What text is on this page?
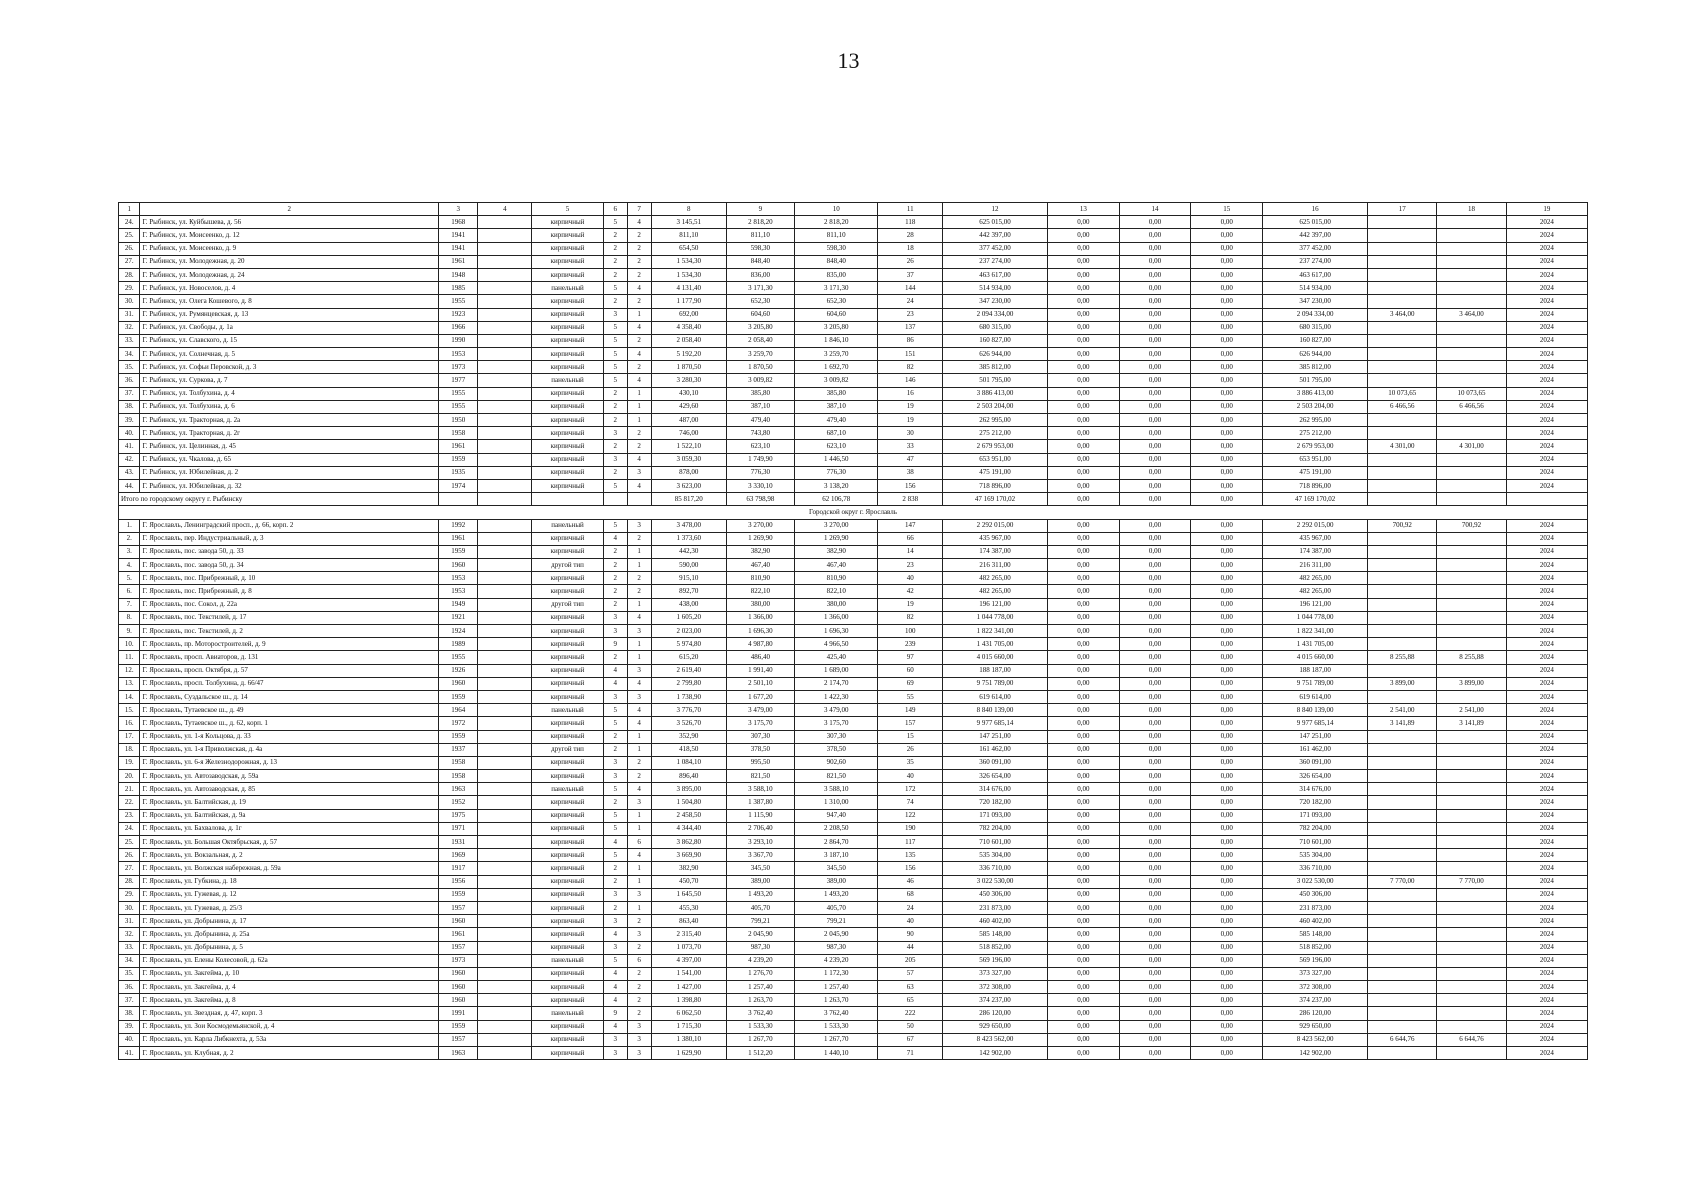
13
1	2	3	4	5	6	7	8	9	10	11	12	13	14	15	16	17	18	19
24.	Г. Рыбинск, ул. Куйбышева, д. 56	1968		кирпичный	5	4	3 145,51	2 818,20	2 818,20	118	625 015,00	0,00	0,00	0,00	625 015,00			2024
25.	Г. Рыбинск, ул. Моисеенко, д. 12	1941		кирпичный	2	2	811,10	811,10	811,10	28	442 397,00	0,00	0,00	0,00	442 397,00			2024
26.	Г. Рыбинск, ул. Моисеенко, д. 9	1941		кирпичный	2	2	654,50	598,30	598,30	18	377 452,00	0,00	0,00	0,00	377 452,00			2024
27.	Г. Рыбинск, ул. Молодежная, д. 20	1961		кирпичный	2	2	1 534,30	848,40	848,40	26	237 274,00	0,00	0,00	0,00	237 274,00			2024
28.	Г. Рыбинск, ул. Молодежная, д. 24	1948		кирпичный	2	2	1 534,30	836,00	835,00	37	463 617,00	0,00	0,00	0,00	463 617,00			2024
29.	Г. Рыбинск, ул. Новоселов, д. 4	1985		панельный	5	4	4 131,40	3 171,30	3 171,30	144	514 934,00	0,00	0,00	0,00	514 934,00			2024
30.	Г. Рыбинск, ул. Олега Кошевого, д. 8	1955		кирпичный	2	2	1 177,90	652,30	652,30	24	347 230,00	0,00	0,00	0,00	347 230,00			2024
31.	Г. Рыбинск, ул. Румянцевская, д. 13	1923		кирпичный	3	1	692,00	604,60	604,60	23	2 094 334,00	0,00	0,00	0,00	2 094 334,00	3 464,00	3 464,00	2024
32.	Г. Рыбинск, ул. Свободы, д. 1а	1966		кирпичный	5	4	4 358,40	3 205,80	3 205,80	137	680 315,00	0,00	0,00	0,00	680 315,00			2024
33.	Г. Рыбинск, ул. Славского, д. 15	1990		кирпичный	5	2	2 058,40	2 058,40	1 846,10	86	160 827,00	0,00	0,00	0,00	160 827,00			2024
34.	Г. Рыбинск, ул. Солнечная, д. 5	1953		кирпичный	5	4	5 192,20	3 259,70	3 259,70	151	626 944,00	0,00	0,00	0,00	626 944,00			2024
35.	Г. Рыбинск, ул. Софьи Перовской, д. 3	1973		кирпичный	5	2	1 870,50	1 870,50	1 692,70	82	385 812,00	0,00	0,00	0,00	385 812,00			2024
36.	Г. Рыбинск, ул. Суркова, д. 7	1977		панельный	5	4	3 280,30	3 009,82	3 009,82	146	501 795,00	0,00	0,00	0,00	501 795,00			2024
37.	Г. Рыбинск, ул. Толбухина, д. 4	1955		кирпичный	2	1	430,10	385,80	385,80	16	3 886 413,00	0,00	0,00	0,00	3 886 413,00	10 073,65	10 073,65	2024
38.	Г. Рыбинск, ул. Толбухина, д. 6	1955		кирпичный	2	1	429,60	387,10	387,10	19	2 503 204,00	0,00	0,00	0,00	2 503 204,00	6 466,56	6 466,56	2024
39.	Г. Рыбинск, ул. Тракторная, д. 2а	1950		кирпичный	2	1	487,00	479,40	479,40	19	262 995,00	0,00	0,00	0,00	262 995,00			2024
40.	Г. Рыбинск, ул. Тракторная, д. 2г	1958		кирпичный	3	2	746,00	743,80	687,10	30	275 212,00	0,00	0,00	0,00	275 212,00			2024
41.	Г. Рыбинск, ул. Целинная, д. 45	1961		кирпичный	2	2	1 522,10	623,10	623,10	33	2 679 953,00	0,00	0,00	0,00	2 679 953,00	4 301,00	4 301,00	2024
42.	Г. Рыбинск, ул. Чкалова, д. 65	1959		кирпичный	3	4	3 059,30	1 749,90	1 446,50	47	653 951,00	0,00	0,00	0,00	653 951,00			2024
43.	Г. Рыбинск, ул. Юбилейная, д. 2	1935		кирпичный	2	3	878,00	776,30	776,30	38	475 191,00	0,00	0,00	0,00	475 191,00			2024
44.	Г. Рыбинск, ул. Юбилейная, д. 32	1974		кирпичный	5	4	3 623,00	3 330,10	3 138,20	156	718 896,00	0,00	0,00	0,00	718 896,00			2024
Итого по городскому округу г. Рыбинску							85 817,20	63 798,98	62 106,78	2 838	47 169 170,02	0,00	0,00	0,00	47 169 170,02			
Городской округ г. Ярославль																		
1.	Г. Ярославль, Ленинградский просп., д. 66, корп. 2	1992		панельный	5	3	3 478,00	3 270,00	3 270,00	147	2 292 015,00	0,00	0,00	0,00	2 292 015,00	700,92	700,92	2024
2.	Г. Ярославль, пер. Индустриальный, д. 3	1961		кирпичный	4	2	1 373,60	1 269,90	1 269,90	66	435 967,00	0,00	0,00	0,00	435 967,00			2024
3.	Г. Ярославль, пос. завода 50, д. 33	1959		кирпичный	2	1	442,30	382,90	382,90	14	174 387,00	0,00	0,00	0,00	174 387,00			2024
4.	Г. Ярославль, пос. завода 50, д. 34	1960		другой тип	2	1	590,00	467,40	467,40	23	216 311,00	0,00	0,00	0,00	216 311,00			2024
5.	Г. Ярославль, пос. Прибрежный, д. 10	1953		кирпичный	2	2	915,10	810,90	810,90	40	482 265,00	0,00	0,00	0,00	482 265,00			2024
6.	Г. Ярославль, пос. Прибрежный, д. 8	1953		кирпичный	2	2	892,70	822,10	822,10	42	482 265,00	0,00	0,00	0,00	482 265,00			2024
7.	Г. Ярославль, пос. Сокол, д. 22а	1949		другой тип	2	1	438,00	380,00	380,00	19	196 121,00	0,00	0,00	0,00	196 121,00			2024
8.	Г. Ярославль, пос. Текстилей, д. 17	1921		кирпичный	3	4	1 605,20	1 366,00	1 366,00	82	1 044 778,00	0,00	0,00	0,00	1 044 778,00			2024
9.	Г. Ярославль, пос. Текстилей, д. 2	1924		кирпичный	3	3	2 023,00	1 696,30	1 696,30	100	1 822 341,00	0,00	0,00	0,00	1 822 341,00			2024
10.	Г. Ярославль, пр. Моторостроителей, д. 9	1989		кирпичный	9	1	5 974,80	4 987,80	4 966,50	239	1 431 705,00	0,00	0,00	0,00	1 431 705,00			2024
11.	Г. Ярославль, просп. Авиаторов, д. 131	1955		кирпичный	2	1	615,20	486,40	425,40	97	4 015 660,00	0,00	0,00	0,00	4 015 660,00	8 255,88	8 255,88	2024
12.	Г. Ярославль, просп. Октября, д. 57	1926		кирпичный	4	3	2 619,40	1 991,40	1 689,00	60	188 187,00	0,00	0,00	0,00	188 187,00			2024
13.	Г. Ярославль, просп. Толбухина, д. 66/47	1960		кирпичный	4	4	2 799,80	2 501,10	2 174,70	69	9 751 789,00	0,00	0,00	0,00	9 751 789,00	3 899,00	3 899,00	2024
14.	Г. Ярославль, Суздальское ш., д. 14	1959		кирпичный	3	3	1 738,90	1 677,20	1 422,30	55	619 614,00	0,00	0,00	0,00	619 614,00			2024
15.	Г. Ярославль, Тутаевское ш., д. 49	1964		панельный	5	4	3 776,70	3 479,00	3 479,00	149	8 840 139,00	0,00	0,00	0,00	8 840 139,00	2 541,00	2 541,00	2024
16.	Г. Ярославль, Тутаевское ш., д. 62, корп. 1	1972		кирпичный	5	4	3 526,70	3 175,70	3 175,70	157	9 977 685,14	0,00	0,00	0,00	9 977 685,14	3 141,89	3 141,89	2024
17.	Г. Ярославль, ул. 1-я Кольцова, д. 33	1959		кирпичный	2	1	352,90	307,30	307,30	15	147 251,00	0,00	0,00	0,00	147 251,00			2024
18.	Г. Ярославль, ул. 1-я Приволжская, д. 4а	1937		другой тип	2	1	418,50	378,50	378,50	26	161 462,00	0,00	0,00	0,00	161 462,00			2024
19.	Г. Ярославль, ул. 6-я Железнодорожная, д. 13	1958		кирпичный	3	2	1 084,10	995,50	902,60	35	360 091,00	0,00	0,00	0,00	360 091,00			2024
20.	Г. Ярославль, ул. Автозаводская, д. 59а	1958		кирпичный	3	2	896,40	821,50	821,50	40	326 654,00	0,00	0,00	0,00	326 654,00			2024
21.	Г. Ярославль, ул. Автозаводская, д. 85	1963		панельный	5	4	3 895,00	3 588,10	3 588,10	172	314 676,00	0,00	0,00	0,00	314 676,00			2024
22.	Г. Ярославль, ул. Балтийская, д. 19	1952		кирпичный	2	3	1 504,80	1 387,80	1 310,00	74	720 182,00	0,00	0,00	0,00	720 182,00			2024
23.	Г. Ярославль, ул. Балтийская, д. 9а	1975		кирпичный	5	1	2 458,50	1 115,90	947,40	122	171 093,00	0,00	0,00	0,00	171 093,00			2024
24.	Г. Ярославль, ул. Бахвалова, д. 1г	1971		кирпичный	5	1	4 344,40	2 706,40	2 208,50	190	782 204,00	0,00	0,00	0,00	782 204,00			2024
25.	Г. Ярославль, ул. Большая Октябрьская, д. 57	1931		кирпичный	4	6	3 862,80	3 293,10	2 864,70	117	710 601,00	0,00	0,00	0,00	710 601,00			2024
26.	Г. Ярославль, ул. Вокзальная, д. 2	1969		кирпичный	5	4	3 669,90	3 367,70	3 187,10	135	535 304,00	0,00	0,00	0,00	535 304,00			2024
27.	Г. Ярославль, ул. Волжская набережная, д. 59а	1917		кирпичный	2	1	382,90	345,50	345,50	156	336 710,00	0,00	0,00	0,00	336 710,00			2024
28.	Г. Ярославль, ул. Губкина, д. 18	1956		кирпичный	2	1	450,70	389,00	389,00	46	3 022 530,00	0,00	0,00	0,00	3 022 530,00	7 770,00	7 770,00	2024
29.	Г. Ярославль, ул. Гужевая, д. 12	1959		кирпичный	3	3	1 645,50	1 493,20	1 493,20	68	450 306,00	0,00	0,00	0,00	450 306,00			2024
30.	Г. Ярославль, ул. Гужевая, д. 25/3	1957		кирпичный	2	1	455,30	405,70	405,70	24	231 873,00	0,00	0,00	0,00	231 873,00			2024
31.	Г. Ярославль, ул. Добрынина, д. 17	1960		кирпичный	3	2	863,40	799,21	799,21	40	460 402,00	0,00	0,00	0,00	460 402,00			2024
32.	Г. Ярославль, ул. Добрынина, д. 25а	1961		кирпичный	4	3	2 315,40	2 045,90	2 045,90	90	585 148,00	0,00	0,00	0,00	585 148,00			2024
33.	Г. Ярославль, ул. Добрынина, д. 5	1957		кирпичный	3	2	1 073,70	987,30	987,30	44	518 852,00	0,00	0,00	0,00	518 852,00			2024
34.	Г. Ярославль, ул. Елены Колесовой, д. 62а	1973		панельный	5	6	4 397,00	4 239,20	4 239,20	205	569 196,00	0,00	0,00	0,00	569 196,00			2024
35.	Г. Ярославль, ул. Закгейма, д. 10	1960		кирпичный	4	2	1 541,00	1 276,70	1 172,30	57	373 327,00	0,00	0,00	0,00	373 327,00			2024
36.	Г. Ярославль, ул. Закгейма, д. 4	1960		кирпичный	4	2	1 427,00	1 257,40	1 257,40	63	372 308,00	0,00	0,00	0,00	372 308,00			2024
37.	Г. Ярославль, ул. Закгейма, д. 8	1960		кирпичный	4	2	1 398,80	1 263,70	1 263,70	65	374 237,00	0,00	0,00	0,00	374 237,00			2024
38.	Г. Ярославль, ул. Звездная, д. 47, корп. 3	1991		панельный	9	2	6 062,50	3 762,40	3 762,40	222	286 120,00	0,00	0,00	0,00	286 120,00			2024
39.	Г. Ярославль, ул. Зои Космодемьянской, д. 4	1959		кирпичный	4	3	1 715,30	1 533,30	1 533,30	50	929 650,00	0,00	0,00	0,00	929 650,00			2024
40.	Г. Ярославль, ул. Карла Либкнехта, д. 53а	1957		кирпичный	3	3	1 380,10	1 267,70	1 267,70	67	8 423 562,00	0,00	0,00	0,00	8 423 562,00	6 644,76	6 644,76	2024
41.	Г. Ярославль, ул. Клубная, д. 2	1963		кирпичный	3	3	1 629,90	1 512,20	1 440,10	71	142 902,00	0,00	0,00	0,00	142 902,00			2024
